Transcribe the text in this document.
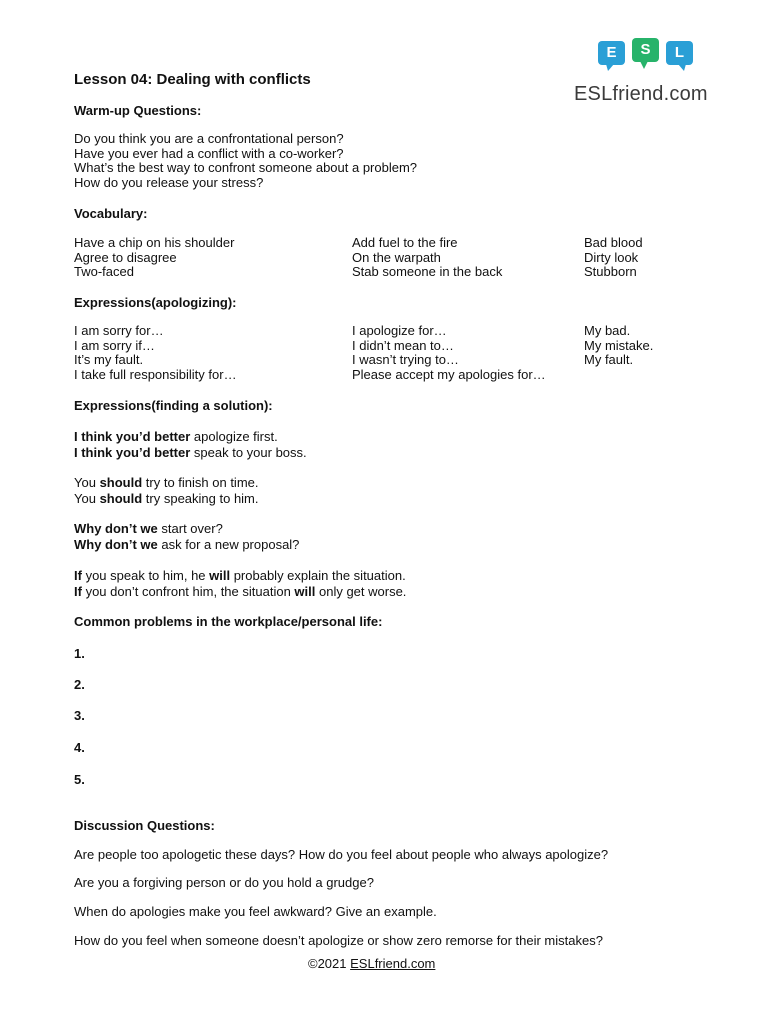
E	S	L
ESLfriend.com
Lesson 04: Dealing with conflicts
Warm-up Questions:
Do you think you are a confrontational person?
Have you ever had a conflict with a co-worker?
What’s the best way to confront someone about a problem?
How do you release your stress?
Vocabulary:
Have a chip on his shoulder
Agree to disagree
Two-faced
Add fuel to the fire
On the warpath
Stab someone in the back
Bad blood
Dirty look
Stubborn
Expressions(apologizing):
I am sorry for…
I am sorry if…
It’s my fault.
I take full responsibility for…
I apologize for…
I didn’t mean to…
I wasn’t trying to…
Please accept my apologies for…
My bad.
My mistake.
My fault.
Expressions(finding a solution):
I think you’d better apologize first.
I think you’d better speak to your boss.
You should try to finish on time.
You should try speaking to him.
Why don’t we start over?
Why don’t we ask for a new proposal?
If you speak to him, he will probably explain the situation.
If you don’t confront him, the situation will only get worse.
Common problems in the workplace/personal life:
1.
2.
3.
4.
5.
Discussion Questions:
Are people too apologetic these days? How do you feel about people who always apologize?
Are you a forgiving person or do you hold a grudge?
When do apologies make you feel awkward? Give an example.
How do you feel when someone doesn’t apologize or show zero remorse for their mistakes?
©2021 ESLfriend.com
